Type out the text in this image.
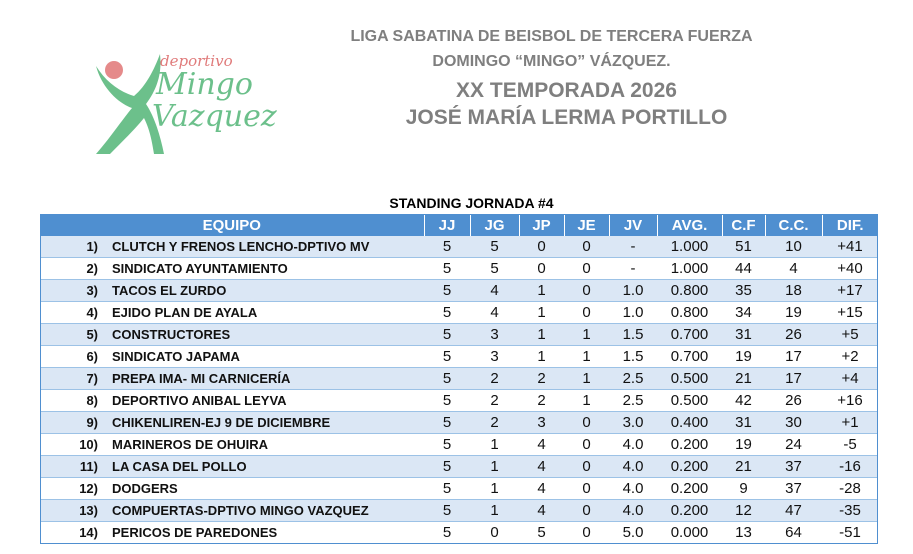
deportivo
Mingo
Vazquez
LIGA SABATINA DE BEISBOL DE TERCERA FUERZA
DOMINGO “MINGO” VÁZQUEZ.
XX TEMPORADA 2026
JOSÉ MARÍA LERMA PORTILLO
STANDING JORNADA #4
EQUIPO		JJ	JG	JP	JE	JV	AVG.	C.F	C.C.	DIF.
1)	CLUTCH Y FRENOS LENCHO-DPTIVO MV	5	5	0	0	-	1.000	51	10	+41
2)	SINDICATO AYUNTAMIENTO	5	5	0	0	-	1.000	44	4	+40
3)	TACOS EL ZURDO	5	4	1	0	1.0	0.800	35	18	+17
4)	EJIDO PLAN DE AYALA	5	4	1	0	1.0	0.800	34	19	+15
5)	CONSTRUCTORES	5	3	1	1	1.5	0.700	31	26	+5
6)	SINDICATO JAPAMA	5	3	1	1	1.5	0.700	19	17	+2
7)	PREPA IMA- MI CARNICERÍA	5	2	2	1	2.5	0.500	21	17	+4
8)	DEPORTIVO ANIBAL LEYVA	5	2	2	1	2.5	0.500	42	26	+16
9)	CHIKENLIREN-EJ 9 DE DICIEMBRE	5	2	3	0	3.0	0.400	31	30	+1
10)	MARINEROS DE OHUIRA	5	1	4	0	4.0	0.200	19	24	-5
11)	LA CASA DEL POLLO	5	1	4	0	4.0	0.200	21	37	-16
12)	DODGERS	5	1	4	0	4.0	0.200	9	37	-28
13)	COMPUERTAS-DPTIVO MINGO VAZQUEZ	5	1	4	0	4.0	0.200	12	47	-35
14)	PERICOS DE PAREDONES	5	0	5	0	5.0	0.000	13	64	-51
